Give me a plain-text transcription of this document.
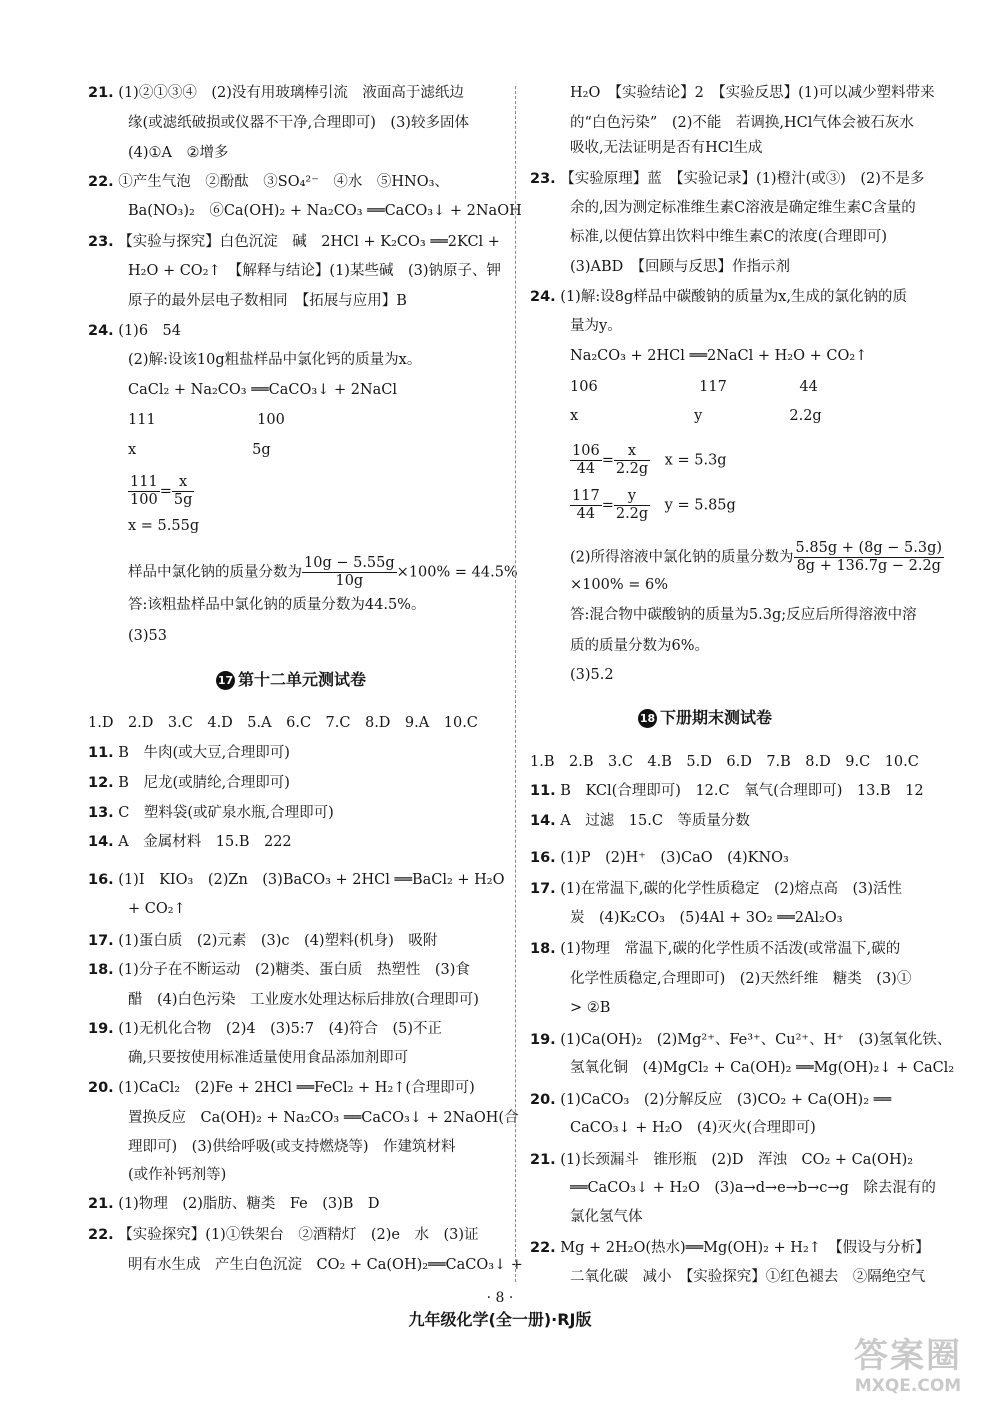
21. (1)②①③④　(2)没有用玻璃棒引流　液面高于滤纸边
缘(或滤纸破损或仪器不干净,合理即可)　(3)较多固体
(4)①A　②增多
22. ①产生气泡　②酚酞　③SO₄²⁻　④水　⑤HNO₃、
Ba(NO₃)₂　⑥Ca(OH)₂ + Na₂CO₃ ══CaCO₃↓ + 2NaOH
23. 【实验与探究】白色沉淀　碱　2HCl + K₂CO₃ ══2KCl +
H₂O + CO₂↑　【解释与结论】(1)某些碱　(3)钠原子、钾
原子的最外层电子数相同　【拓展与应用】B
24. (1)6　54
(2)解:设该10g粗盐样品中氯化钙的质量为x。
CaCl₂ + Na₂CO₃ ══CaCO₃↓ + 2NaCl
111　　　　　　　100
x　　　　　　　　5g
$\frac{111}{100} = \frac{x}{5g}$
x = 5.55g
样品中氯化钠的质量分数为 $\frac{10g - 5.55g}{10g} \times 100\% = 44.5\%$
答:该粗盐样品中氯化钠的质量分数为44.5%。
(3)53
17 第十二单元测试卷
1.D　2.D　3.C　4.D　5.A　6.C　7.C　8.D　9.A　10.C
11. B　牛肉(或大豆,合理即可)
12. B　尼龙(或腈纶,合理即可)
13. C　塑料袋(或矿泉水瓶,合理即可)
14. A　金属材料　15.B　222
16. (1)I　KIO₃　(2)Zn　(3)BaCO₃ + 2HCl ══BaCl₂ + H₂O
+ CO₂↑
17. (1)蛋白质　(2)元素　(3)c　(4)塑料(机身)　吸附
18. (1)分子在不断运动　(2)糖类、蛋白质　热塑性　(3)食
醋　(4)白色污染　工业废水处理达标后排放(合理即可)
19. (1)无机化合物　(2)4　(3)5:7　(4)符合　(5)不正
确,只要按使用标准适量使用食品添加剂即可
20. (1)CaCl₂　(2)Fe + 2HCl ══FeCl₂ + H₂↑(合理即可)
置换反应　Ca(OH)₂ + Na₂CO₃ ══CaCO₃↓ + 2NaOH(合
理即可)　(3)供给呼吸(或支持燃烧等)　作建筑材料
(或作补钙剂等)
21. (1)物理　(2)脂肪、糖类　Fe　(3)B　D
22. 【实验探究】(1)①铁架台　②酒精灯　(2)e　水　(3)证
明有水生成　产生白色沉淀　CO₂ + Ca(OH)₂══CaCO₃↓ +
H₂O　【实验结论】2　【实验反思】(1)可以减少塑料带来
的“白色污染”　(2)不能　若调换,HCl气体会被石灰水
吸收,无法证明是否有HCl生成
23. 【实验原理】蓝　【实验记录】(1)橙汁(或③)　(2)不是多
余的,因为测定标准维生素C溶液是确定维生素C含量的
标准,以便估算出饮料中维生素C的浓度(合理即可)
(3)ABD　【回顾与反思】作指示剂
24. (1)解:设8g样品中碳酸钠的质量为x,生成的氯化钠的质
量为y。
Na₂CO₃ + 2HCl ══2NaCl + H₂O + CO₂↑
106　　　　　　　117　　　　　44
x　　　　　　　　y　　　　　　2.2g
$\frac{106}{44} = \frac{x}{2.2g}$ 　x = 5.3g
$\frac{117}{44} = \frac{y}{2.2g}$ 　y = 5.85g
(2)所得溶液中氯化钠的质量分数为 $\frac{5.85g + (8g - 5.3g)}{8g + 136.7g - 2.2g}$
×100% = 6%
答:混合物中碳酸钠的质量为5.3g;反应后所得溶液中溶
质的质量分数为6%。
(3)5.2
18 下册期末测试卷
1.B　2.B　3.C　4.B　5.D　6.D　7.B　8.D　9.C　10.C
11. B　KCl(合理即可)　12.C　氧气(合理即可)　13.B　12
14. A　过滤　15.C　等质量分数
16. (1)P　(2)H⁺　(3)CaO　(4)KNO₃
17. (1)在常温下,碳的化学性质稳定　(2)熔点高　(3)活性
炭　(4)K₂CO₃　(5)4Al + 3O₂ ══2Al₂O₃
18. (1)物理　常温下,碳的化学性质不活泼(或常温下,碳的
化学性质稳定,合理即可)　(2)天然纤维　糖类　(3)①
> ②B
19. (1)Ca(OH)₂　(2)Mg²⁺、Fe³⁺、Cu²⁺、H⁺　(3)氢氧化铁、
氢氧化铜　(4)MgCl₂ + Ca(OH)₂ ══Mg(OH)₂↓ + CaCl₂
20. (1)CaCO₃　(2)分解反应　(3)CO₂ + Ca(OH)₂ ══
CaCO₃↓ + H₂O　(4)灭火(合理即可)
21. (1)长颈漏斗　锥形瓶　(2)D　浑浊　CO₂ + Ca(OH)₂
══CaCO₃↓ + H₂O　(3)a→d→e→b→c→g　除去混有的
氯化氢气体
22. Mg + 2H₂O(热水)══Mg(OH)₂ + H₂↑　【假设与分析】
二氧化碳　减小　【实验探究】①红色褪去　②隔绝空气
· 8 ·
九年级化学(全一册)·RJ版
答案圈
MXQE.COM
